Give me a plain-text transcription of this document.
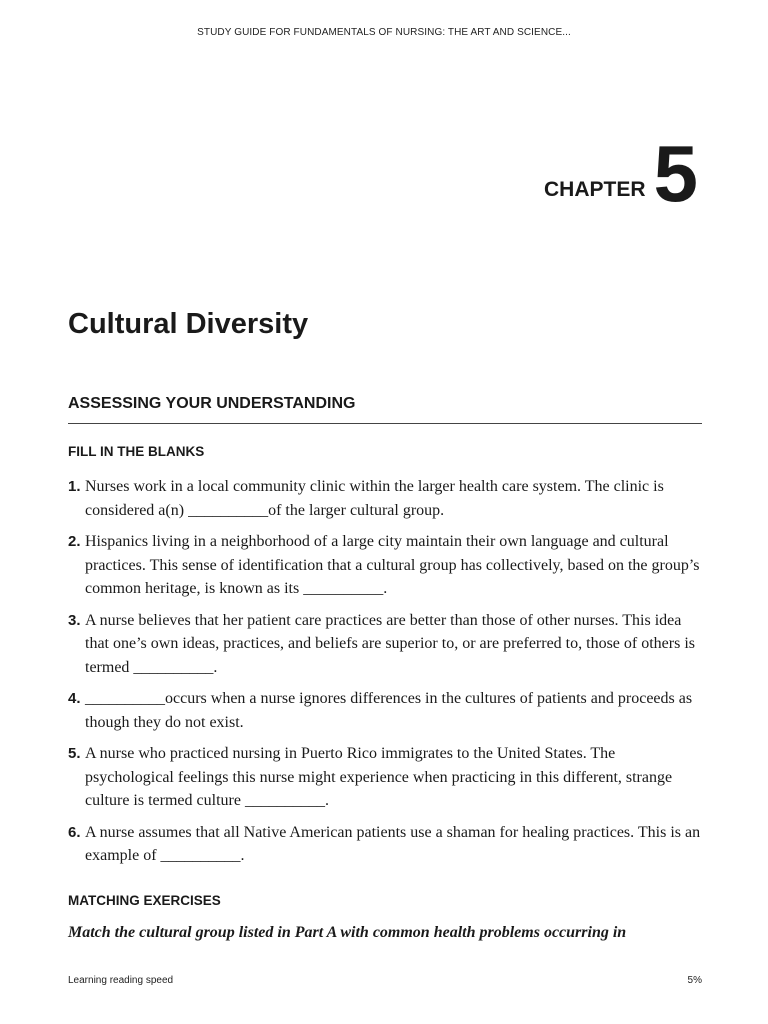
STUDY GUIDE FOR FUNDAMENTALS OF NURSING: THE ART AND SCIENCE...
CHAPTER 5
Cultural Diversity
ASSESSING YOUR UNDERSTANDING
FILL IN THE BLANKS
1. Nurses work in a local community clinic within the larger health care system. The clinic is considered a(n) __________of the larger cultural group.
2. Hispanics living in a neighborhood of a large city maintain their own language and cultural practices. This sense of identification that a cultural group has collectively, based on the group’s common heritage, is known as its __________.
3. A nurse believes that her patient care practices are better than those of other nurses. This idea that one’s own ideas, practices, and beliefs are superior to, or are preferred to, those of others is termed __________.
4. __________occurs when a nurse ignores differences in the cultures of patients and proceeds as though they do not exist.
5. A nurse who practiced nursing in Puerto Rico immigrates to the United States. The psychological feelings this nurse might experience when practicing in this different, strange culture is termed culture __________.
6. A nurse assumes that all Native American patients use a shaman for healing practices. This is an example of __________.
MATCHING EXERCISES
Match the cultural group listed in Part A with common health problems occurring in
Learning reading speed	5%
